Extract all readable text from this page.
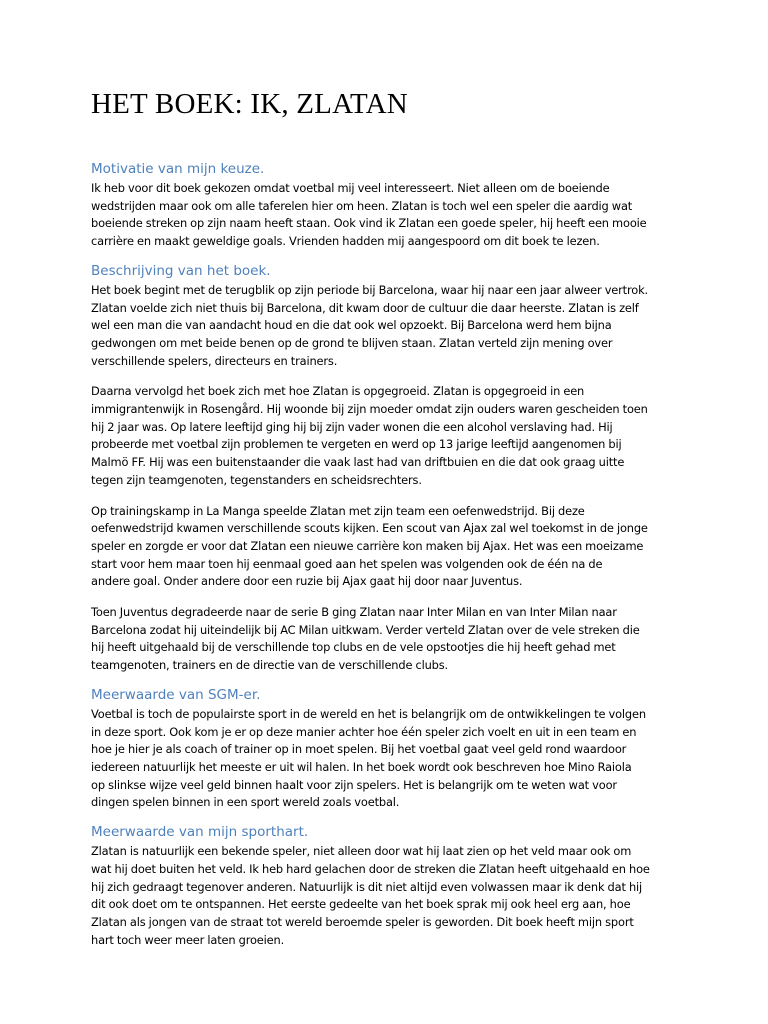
HET BOEK: IK, ZLATAN
Motivatie van mijn keuze.

Ik heb voor dit boek gekozen omdat voetbal mij veel interesseert. Niet alleen om de boeiende
wedstrijden maar ook om alle taferelen hier om heen. Zlatan is toch wel een speler die aardig wat
boeiende streken op zijn naam heeft staan. Ook vind ik Zlatan een goede speler, hij heeft een mooie
carrière en maakt geweldige goals. Vrienden hadden mij aangespoord om dit boek te lezen.

Beschrijving van het boek.

Het boek begint met de terugblik op zijn periode bij Barcelona, waar hij naar een jaar alweer vertrok.
Zlatan voelde zich niet thuis bij Barcelona, dit kwam door de cultuur die daar heerste. Zlatan is zelf
wel een man die van aandacht houd en die dat ook wel opzoekt. Bij Barcelona werd hem bijna
gedwongen om met beide benen op de grond te blijven staan. Zlatan verteld zijn mening over
verschillende spelers, directeurs en trainers.

Daarna vervolgd het boek zich met hoe Zlatan is opgegroeid. Zlatan is opgegroeid in een
immigrantenwijk in Rosengård. Hij woonde bij zijn moeder omdat zijn ouders waren gescheiden toen
hij 2 jaar was. Op latere leeftijd ging hij bij zijn vader wonen die een alcohol verslaving had. Hij
probeerde met voetbal zijn problemen te vergeten en werd op 13 jarige leeftijd aangenomen bij
Malmö FF. Hij was een buitenstaander die vaak last had van driftbuien en die dat ook graag uitte
tegen zijn teamgenoten, tegenstanders en scheidsrechters.

Op trainingskamp in La Manga speelde Zlatan met zijn team een oefenwedstrijd. Bij deze
oefenwedstrijd kwamen verschillende scouts kijken. Een scout van Ajax zal wel toekomst in de jonge
speler en zorgde er voor dat Zlatan een nieuwe carrière kon maken bij Ajax. Het was een moeizame
start voor hem maar toen hij eenmaal goed aan het spelen was volgenden ook de één na de
andere goal. Onder andere door een ruzie bij Ajax gaat hij door naar Juventus.

Toen Juventus degradeerde naar de serie B ging Zlatan naar Inter Milan en van Inter Milan naar
Barcelona zodat hij uiteindelijk bij AC Milan uitkwam. Verder verteld Zlatan over de vele streken die
hij heeft uitgehaald bij de verschillende top clubs en de vele opstootjes die hij heeft gehad met
teamgenoten, trainers en de directie van de verschillende clubs.

Meerwaarde van SGM-er.

Voetbal is toch de populairste sport in de wereld en het is belangrijk om de ontwikkelingen te volgen
in deze sport. Ook kom je er op deze manier achter hoe één speler zich voelt en uit in een team en
hoe je hier je als coach of trainer op in moet spelen. Bij het voetbal gaat veel geld rond waardoor
iedereen natuurlijk het meeste er uit wil halen. In het boek wordt ook beschreven hoe Mino Raiola
op slinkse wijze veel geld binnen haalt voor zijn spelers. Het is belangrijk om te weten wat voor
dingen spelen binnen in een sport wereld zoals voetbal.

Meerwaarde van mijn sporthart.

Zlatan is natuurlijk een bekende speler, niet alleen door wat hij laat zien op het veld maar ook om
wat hij doet buiten het veld. Ik heb hard gelachen door de streken die Zlatan heeft uitgehaald en hoe
hij zich gedraagt tegenover anderen. Natuurlijk is dit niet altijd even volwassen maar ik denk dat hij
dit ook doet om te ontspannen. Het eerste gedeelte van het boek sprak mij ook heel erg aan, hoe
Zlatan als jongen van de straat tot wereld beroemde speler is geworden. Dit boek heeft mijn sport
hart toch weer meer laten groeien.
